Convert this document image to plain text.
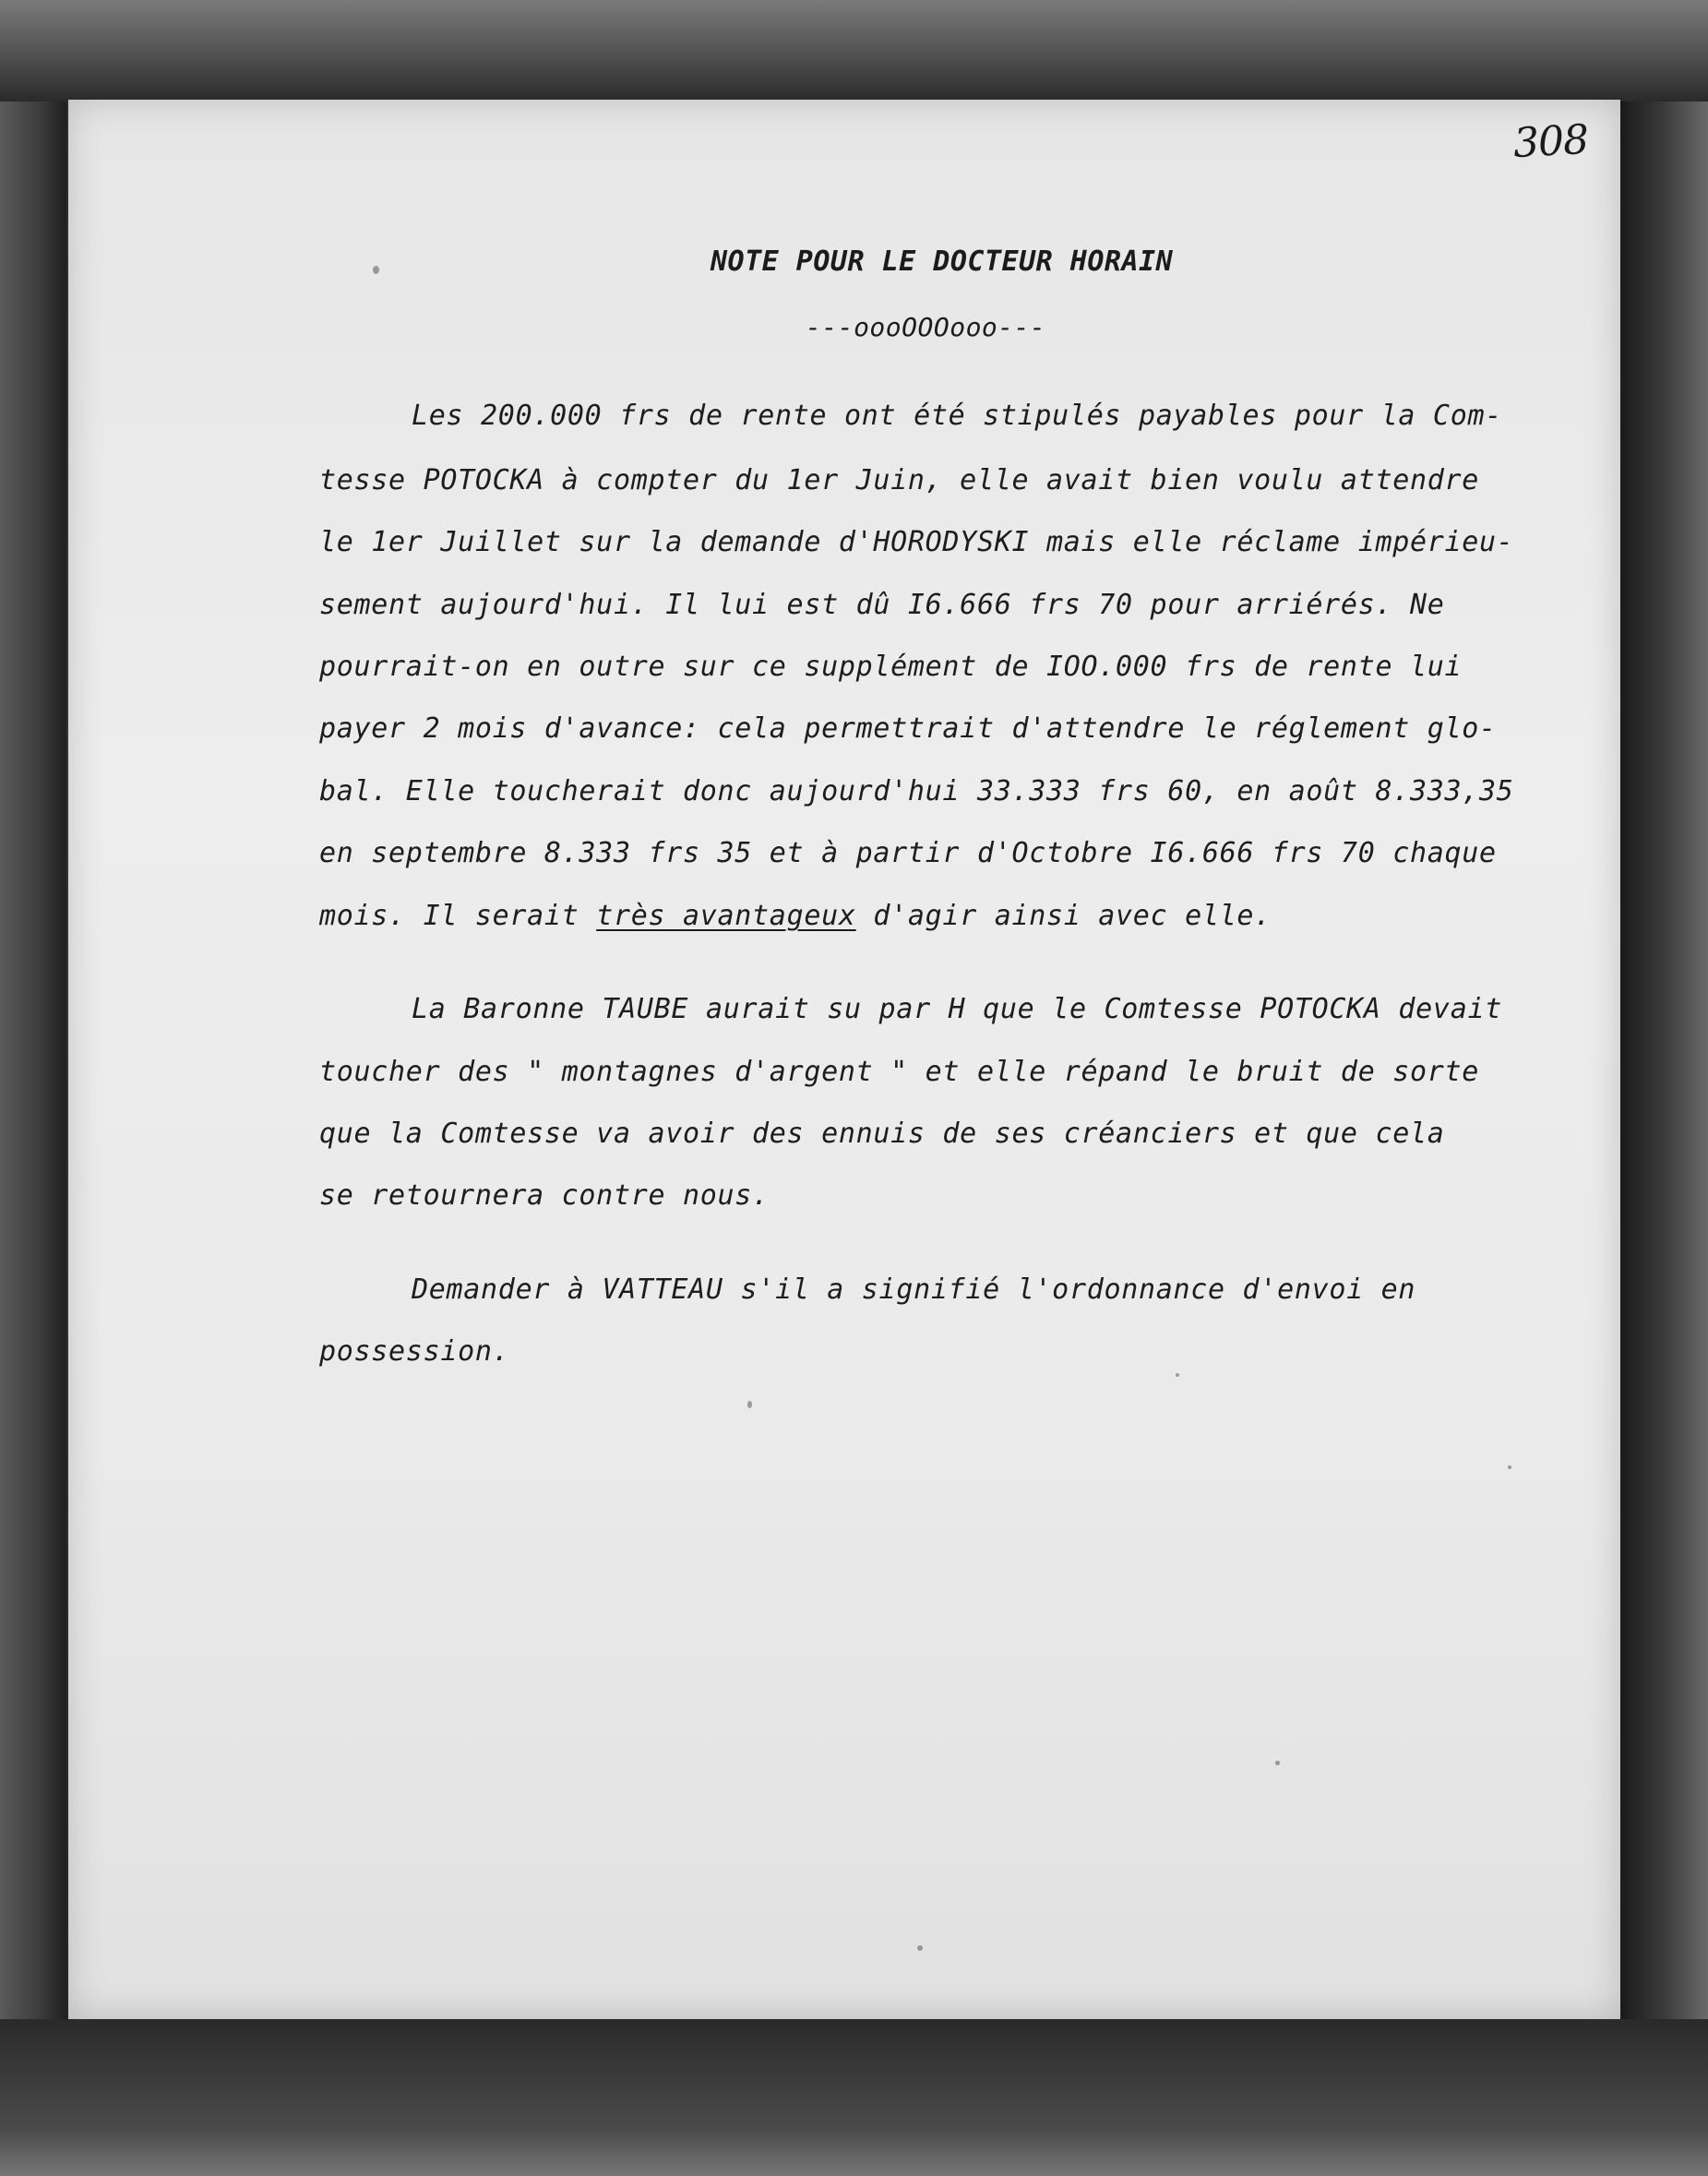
308
NOTE POUR LE DOCTEUR HORAIN
---oooOOOooo---
Les 200.000 frs de rente ont été stipulés payables pour la Com-
tesse POTOCKA à compter du 1er Juin, elle avait bien voulu attendre
le 1er Juillet sur la demande d'HORODYSKI mais elle réclame impérieu-
sement aujourd'hui. Il lui est dû I6.666 frs 70 pour arriérés. Ne
pourrait-on en outre sur ce supplément de IOO.000 frs de rente lui
payer 2 mois d'avance: cela permettrait d'attendre le réglement glo-
bal. Elle toucherait donc aujourd'hui 33.333 frs 60, en août 8.333,35
en septembre 8.333 frs 35 et à partir d'Octobre I6.666 frs 70 chaque
mois. Il serait très avantageux d'agir ainsi avec elle.
La Baronne TAUBE aurait su par H que le Comtesse POTOCKA devait
toucher des " montagnes d'argent " et elle répand le bruit de sorte
que la Comtesse va avoir des ennuis de ses créanciers et que cela
se retournera contre nous.
Demander à VATTEAU s'il a signifié l'ordonnance d'envoi en
possession.
